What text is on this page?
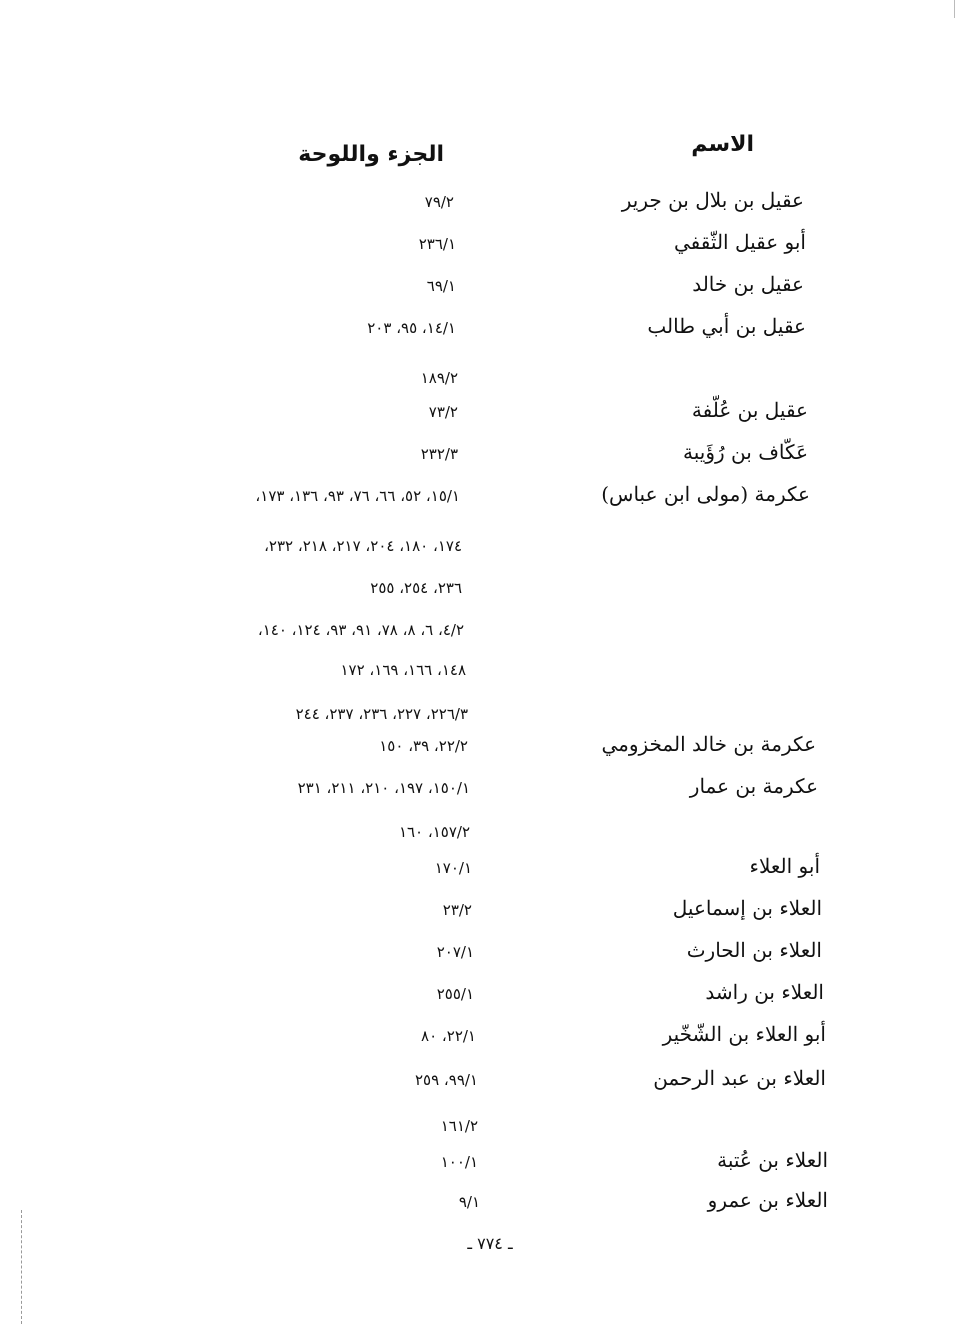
الاسم
الجزء واللوحة
عقيل بن بلال بن جرير
٧٩/٢
أبو عقيل الثّقفي
٢٣٦/١
عقيل بن خالد
٦٩/١
عقيل بن أبي طالب
١٤/١، ٩٥، ٢٠٣
١٨٩/٢
عقيل بن عُلّفة
٧٣/٢
عَكّاف بن رُؤَيبة
٢٣٢/٣
عكرمة (مولى ابن عباس)
١٥/١، ٥٢، ٦٦، ٧٦، ٩٣، ١٣٦، ١٧٣،
١٧٤، ١٨٠، ٢٠٤، ٢١٧، ٢١٨، ٢٣٢،
٢٣٦، ٢٥٤، ٢٥٥
٤/٢، ٦، ٨، ٧٨، ٩١، ٩٣، ١٢٤، ١٤٠،
١٤٨، ١٦٦، ١٦٩، ١٧٢
٢٢٦/٣، ٢٢٧، ٢٣٦، ٢٣٧، ٢٤٤
عكرمة بن خالد المخزومي
٢٢/٢، ٣٩، ١٥٠
عكرمة بن عمار
١٥٠/١، ١٩٧، ٢١٠، ٢١١، ٢٣١
١٥٧/٢، ١٦٠
أبو العلاء
١٧٠/١
العلاء بن إسماعيل
٢٣/٢
العلاء بن الحارث
٢٠٧/١
العلاء بن راشد
٢٥٥/١
أبو العلاء بن الشّخّير
٢٢/١، ٨٠
العلاء بن عبد الرحمن
٩٩/١، ٢٥٩
١٦١/٢
العلاء بن عُتبة
١٠٠/١
العلاء بن عمرو
٩/١
ـ ٧٧٤ ـ
